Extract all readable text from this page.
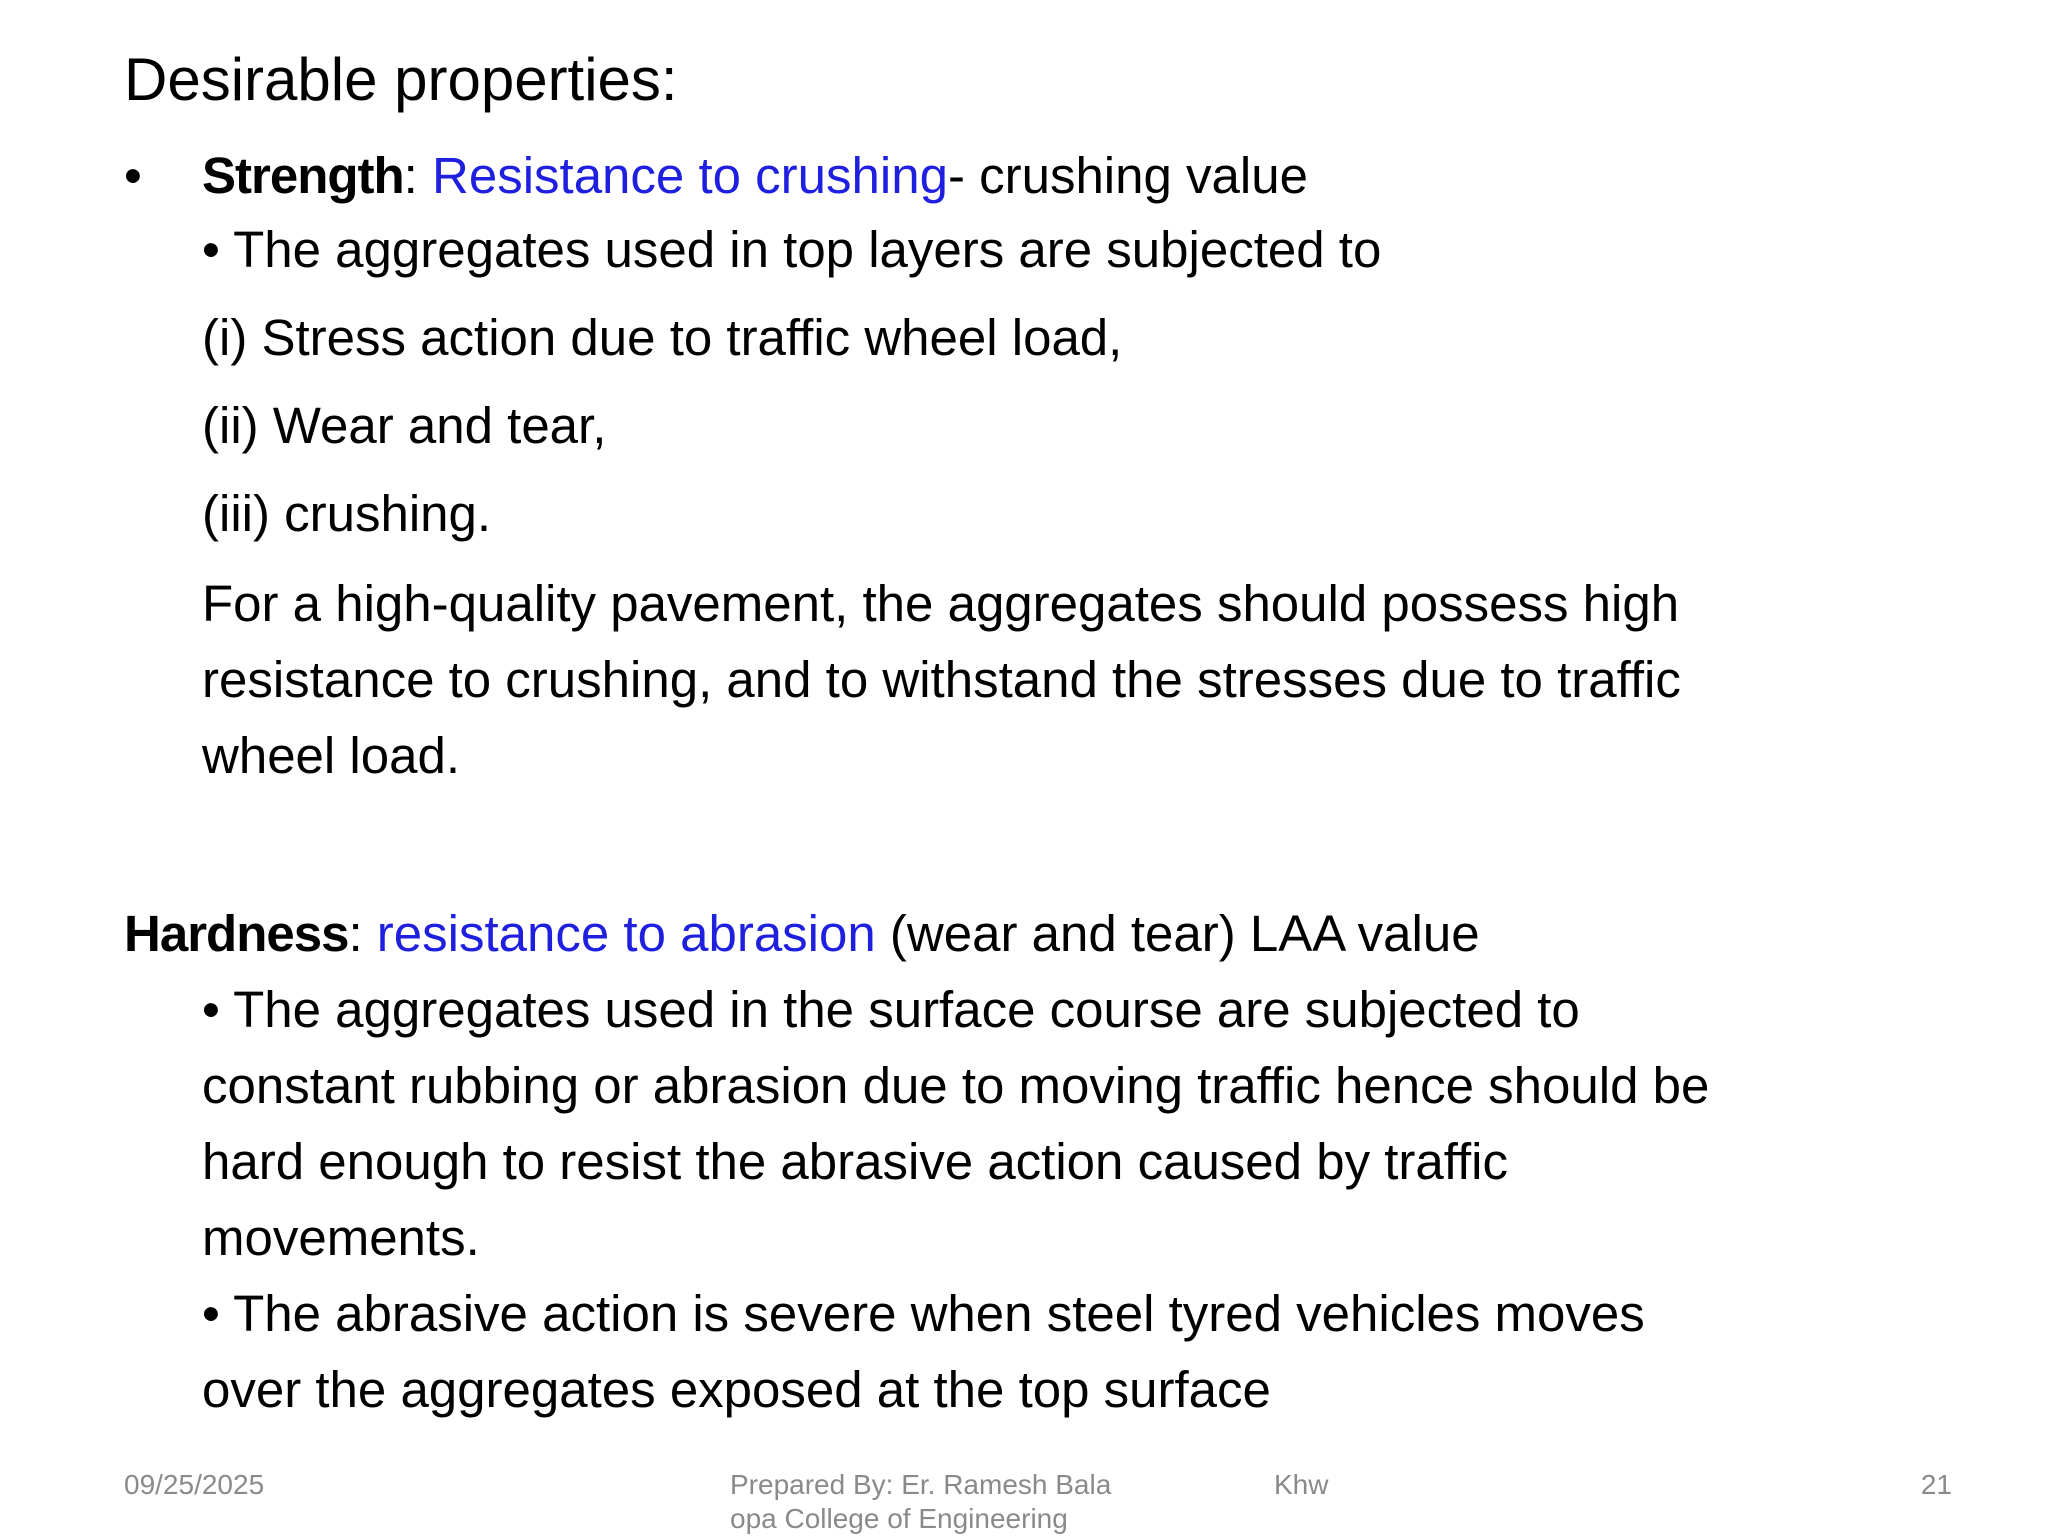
Desirable properties:
• Strength: Resistance to crushing- crushing value
• The aggregates used in top layers are subjected to
(i) Stress action due to traffic wheel load,
(ii) Wear and tear,
(iii) crushing.
For a high-quality pavement, the aggregates should possess high
resistance to crushing, and to withstand the stresses due to traffic
wheel load.
Hardness: resistance to abrasion (wear and tear) LAA value
• The aggregates used in the surface course are subjected to
constant rubbing or abrasion due to moving traffic hence should be
hard enough to resist the abrasive action caused by traffic
movements.
• The abrasive action is severe when steel tyred vehicles moves
over the aggregates exposed at the top surface
09/25/2025	Prepared By: Er. Ramesh Bala
opa College of Engineering
Khw	21
